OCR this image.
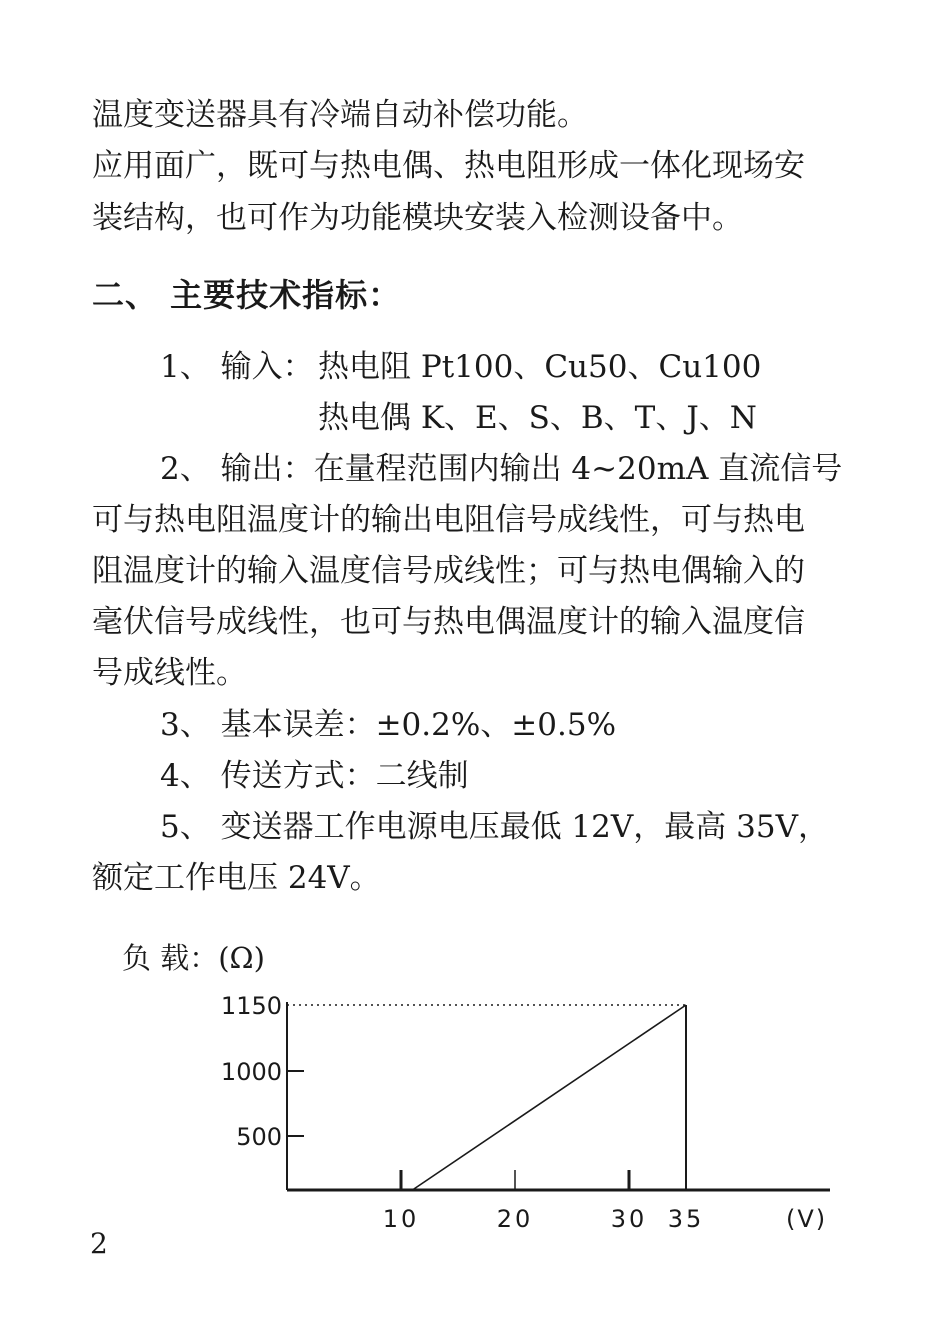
温度变送器具有冷端自动补偿功能。
应用面广，既可与热电偶、热电阻形成一体化现场安
装结构，也可作为功能模块安装入检测设备中。
二、 主要技术指标：
1、 输入： 热电阻 Pt100、Cu50、Cu100
热电偶 K、E、S、B、T、J、N
2、 输出：在量程范围内输出 4~20mA 直流信号
可与热电阻温度计的输出电阻信号成线性，可与热电
阻温度计的输入温度信号成线性；可与热电偶输入的
毫伏信号成线性，也可与热电偶温度计的输入温度信
号成线性。
3、 基本误差：±0.2%、±0.5%
4、 传送方式：二线制
5、 变送器工作电源电压最低 12V，最高 35V，
额定工作电压 24V。
负 载：(Ω)
500
1000
1150
10	20	30 35	(V)
2
